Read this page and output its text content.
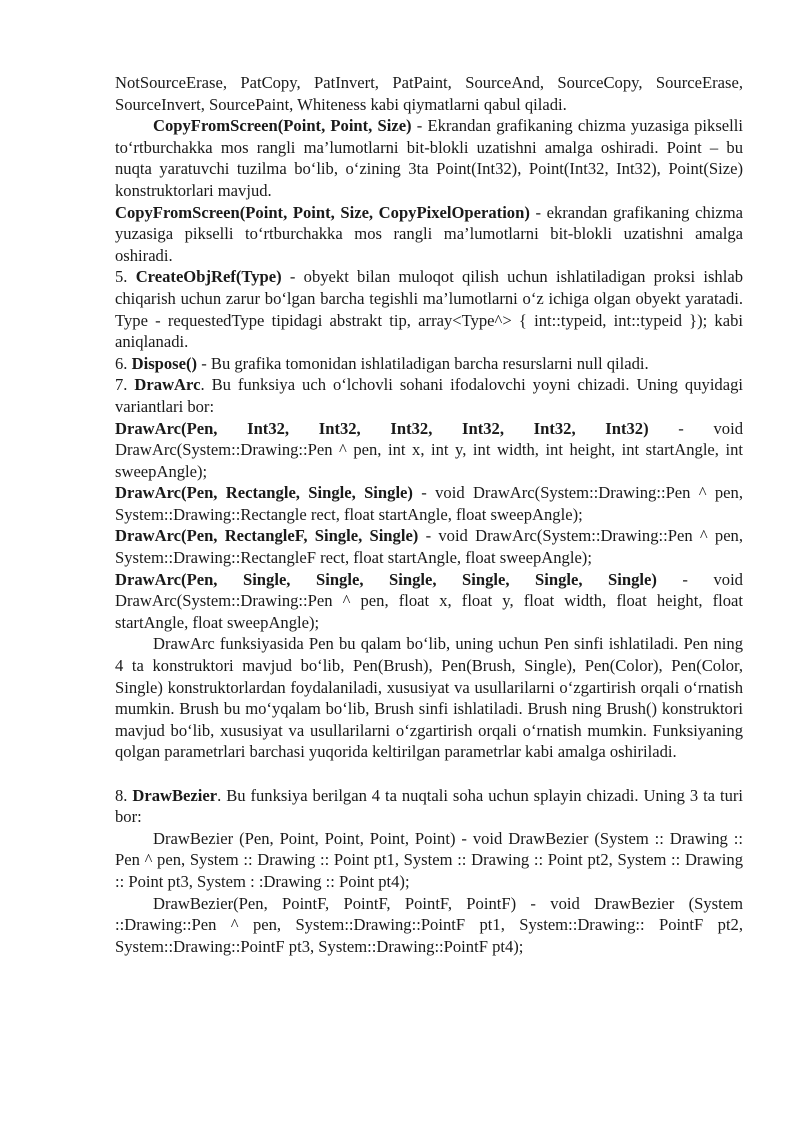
NotSourceErase, PatCopy, PatInvert, PatPaint, SourceAnd, SourceCopy, SourceErase, SourceInvert, SourcePaint, Whiteness kabi qiymatlarni qabul qiladi.

CopyFromScreen(Point, Point, Size) - Ekrandan grafikaning chizma yuzasiga pikselli to‘rtburchakka mos rangli ma’lumotlarni bit-blokli uzatishni amalga oshiradi. Point – bu nuqta yaratuvchi tuzilma bo‘lib, o‘zining 3ta Point(Int32), Point(Int32, Int32), Point(Size) konstruktorlari mavjud.

CopyFromScreen(Point, Point, Size, CopyPixelOperation) - ekrandan grafikaning chizma yuzasiga pikselli to‘rtburchakka mos rangli ma’lumotlarni bit-blokli uzatishni amalga oshiradi.

5. CreateObjRef(Type) - obyekt bilan muloqot qilish uchun ishlatiladigan proksi ishlab chiqarish uchun zarur bo‘lgan barcha tegishli ma’lumotlarni o‘z ichiga olgan obyekt yaratadi. Type - requestedType tipidagi abstrakt tip, array<Type^> { int::typeid, int::typeid }); kabi aniqlanadi.

6. Dispose() - Bu grafika tomonidan ishlatiladigan barcha resurslarni null qiladi.

7. DrawArc. Bu funksiya uch o‘lchovli sohani ifodalovchi yoyni chizadi. Uning quyidagi variantlari bor:

DrawArc(Pen, Int32, Int32, Int32, Int32, Int32, Int32) - void DrawArc(System::Drawing::Pen ^ pen, int x, int y, int width, int height, int startAngle, int sweepAngle);

DrawArc(Pen, Rectangle, Single, Single) - void DrawArc(System::Drawing::Pen ^ pen, System::Drawing::Rectangle rect, float startAngle, float sweepAngle);

DrawArc(Pen, RectangleF, Single, Single) - void DrawArc(System::Drawing::Pen ^ pen, System::Drawing::RectangleF rect, float startAngle, float sweepAngle);

DrawArc(Pen, Single, Single, Single, Single, Single, Single) - void DrawArc(System::Drawing::Pen ^ pen, float x, float y, float width, float height, float startAngle, float sweepAngle);

DrawArc funksiyasida Pen bu qalam bo‘lib, uning uchun Pen sinfi ishlatiladi. Pen ning 4 ta konstruktori mavjud bo‘lib, Pen(Brush), Pen(Brush, Single), Pen(Color), Pen(Color, Single) konstruktorlardan foydalaniladi, xususiyat va usullarilarni o‘zgartirish orqali o‘rnatish mumkin. Brush bu mo‘yqalam bo‘lib, Brush sinfi ishlatiladi. Brush ning Brush() konstruktori mavjud bo‘lib, xususiyat va usullarilarni o‘zgartirish orqali o‘rnatish mumkin. Funksiyaning qolgan parametrlari barchasi yuqorida keltirilgan parametrlar kabi amalga oshiriladi.

8. DrawBezier. Bu funksiya berilgan 4 ta nuqtali soha uchun splayin chizadi. Uning 3 ta turi bor:

DrawBezier (Pen, Point, Point, Point, Point) - void DrawBezier (System :: Drawing :: Pen ^ pen, System :: Drawing :: Point pt1, System :: Drawing :: Point pt2, System :: Drawing :: Point pt3, System : :Drawing :: Point pt4);

DrawBezier(Pen, PointF, PointF, PointF, PointF) - void DrawBezier (System ::Drawing::Pen ^ pen, System::Drawing::PointF pt1, System::Drawing:: PointF pt2, System::Drawing::PointF pt3, System::Drawing::PointF pt4);
